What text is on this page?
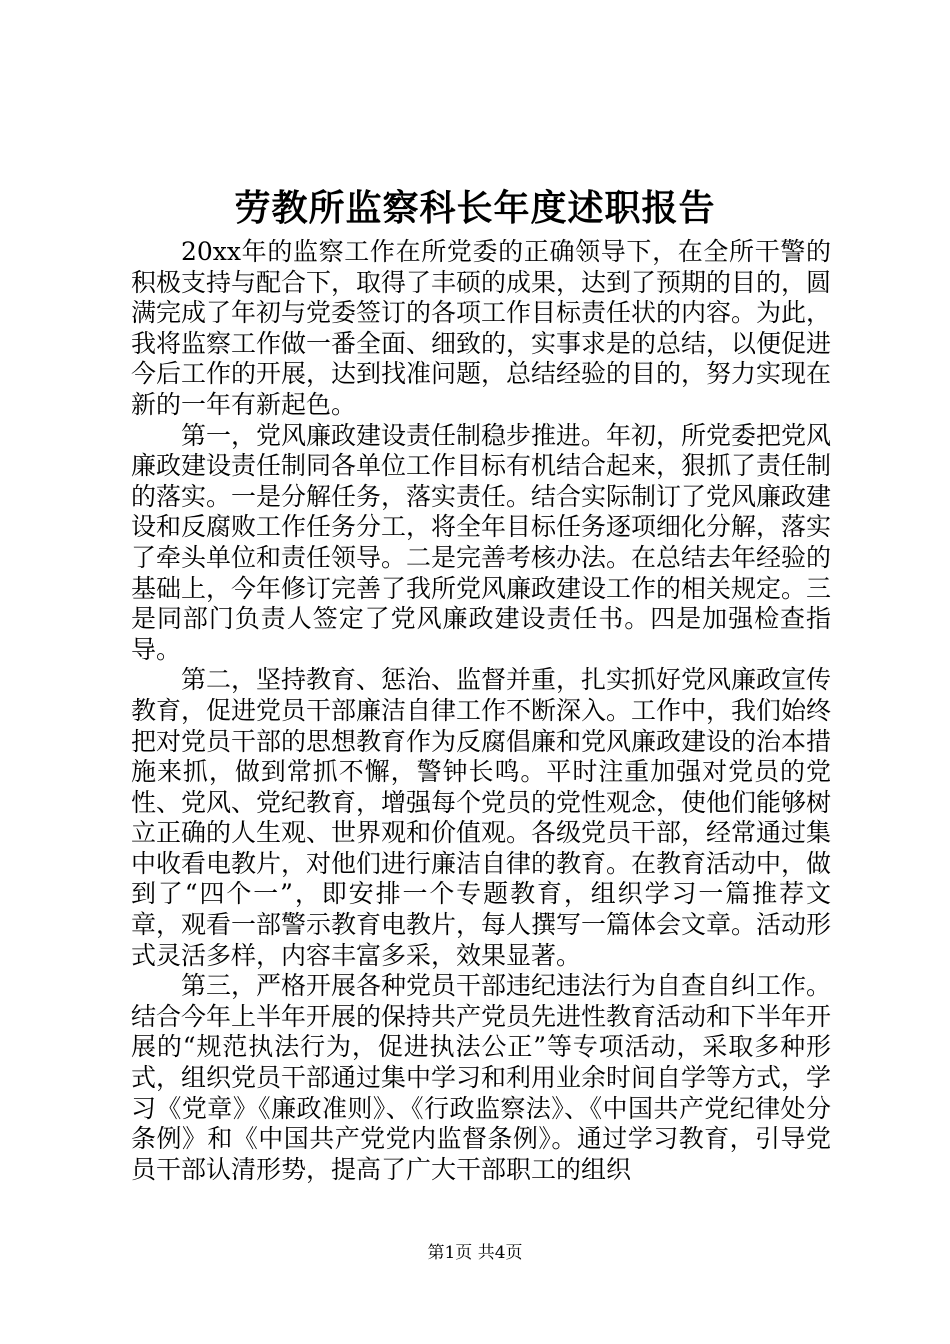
劳教所监察科长年度述职报告

20xx年的监察工作在所党委的正确领导下，在全所干警的积极支持与配合下，取得了丰硕的成果，达到了预期的目的，圆满完成了年初与党委签订的各项工作目标责任状的内容。为此，我将监察工作做一番全面、细致的，实事求是的总结，以便促进今后工作的开展，达到找准问题，总结经验的目的，努力实现在新的一年有新起色。

第一，党风廉政建设责任制稳步推进。年初，所党委把党风廉政建设责任制同各单位工作目标有机结合起来，狠抓了责任制的落实。一是分解任务，落实责任。结合实际制订了党风廉政建设和反腐败工作任务分工，将全年目标任务逐项细化分解，落实了牵头单位和责任领导。二是完善考核办法。在总结去年经验的基础上，今年修订完善了我所党风廉政建设工作的相关规定。三是同部门负责人签定了党风廉政建设责任书。四是加强检查指导。

第二，坚持教育、惩治、监督并重，扎实抓好党风廉政宣传教育，促进党员干部廉洁自律工作不断深入。工作中，我们始终把对党员干部的思想教育作为反腐倡廉和党风廉政建设的治本措施来抓，做到常抓不懈，警钟长鸣。平时注重加强对党员的党性、党风、党纪教育，增强每个党员的党性观念，使他们能够树立正确的人生观、世界观和价值观。各级党员干部，经常通过集中收看电教片，对他们进行廉洁自律的教育。在教育活动中，做到了“四个一”，即安排一个专题教育，组织学习一篇推荐文章，观看一部警示教育电教片，每人撰写一篇体会文章。活动形式灵活多样，内容丰富多采，效果显著。

第三，严格开展各种党员干部违纪违法行为自查自纠工作。结合今年上半年开展的保持共产党员先进性教育活动和下半年开展的“规范执法行为，促进执法公正”等专项活动，采取多种形式，组织党员干部通过集中学习和利用业余时间自学等方式，学习《党章》《廉政准则》、《行政监察法》、《中国共产党纪律处分条例》和《中国共产党党内监督条例》。通过学习教育，引导党员干部认清形势，提高了广大干部职工的组织

第1页 共4页
